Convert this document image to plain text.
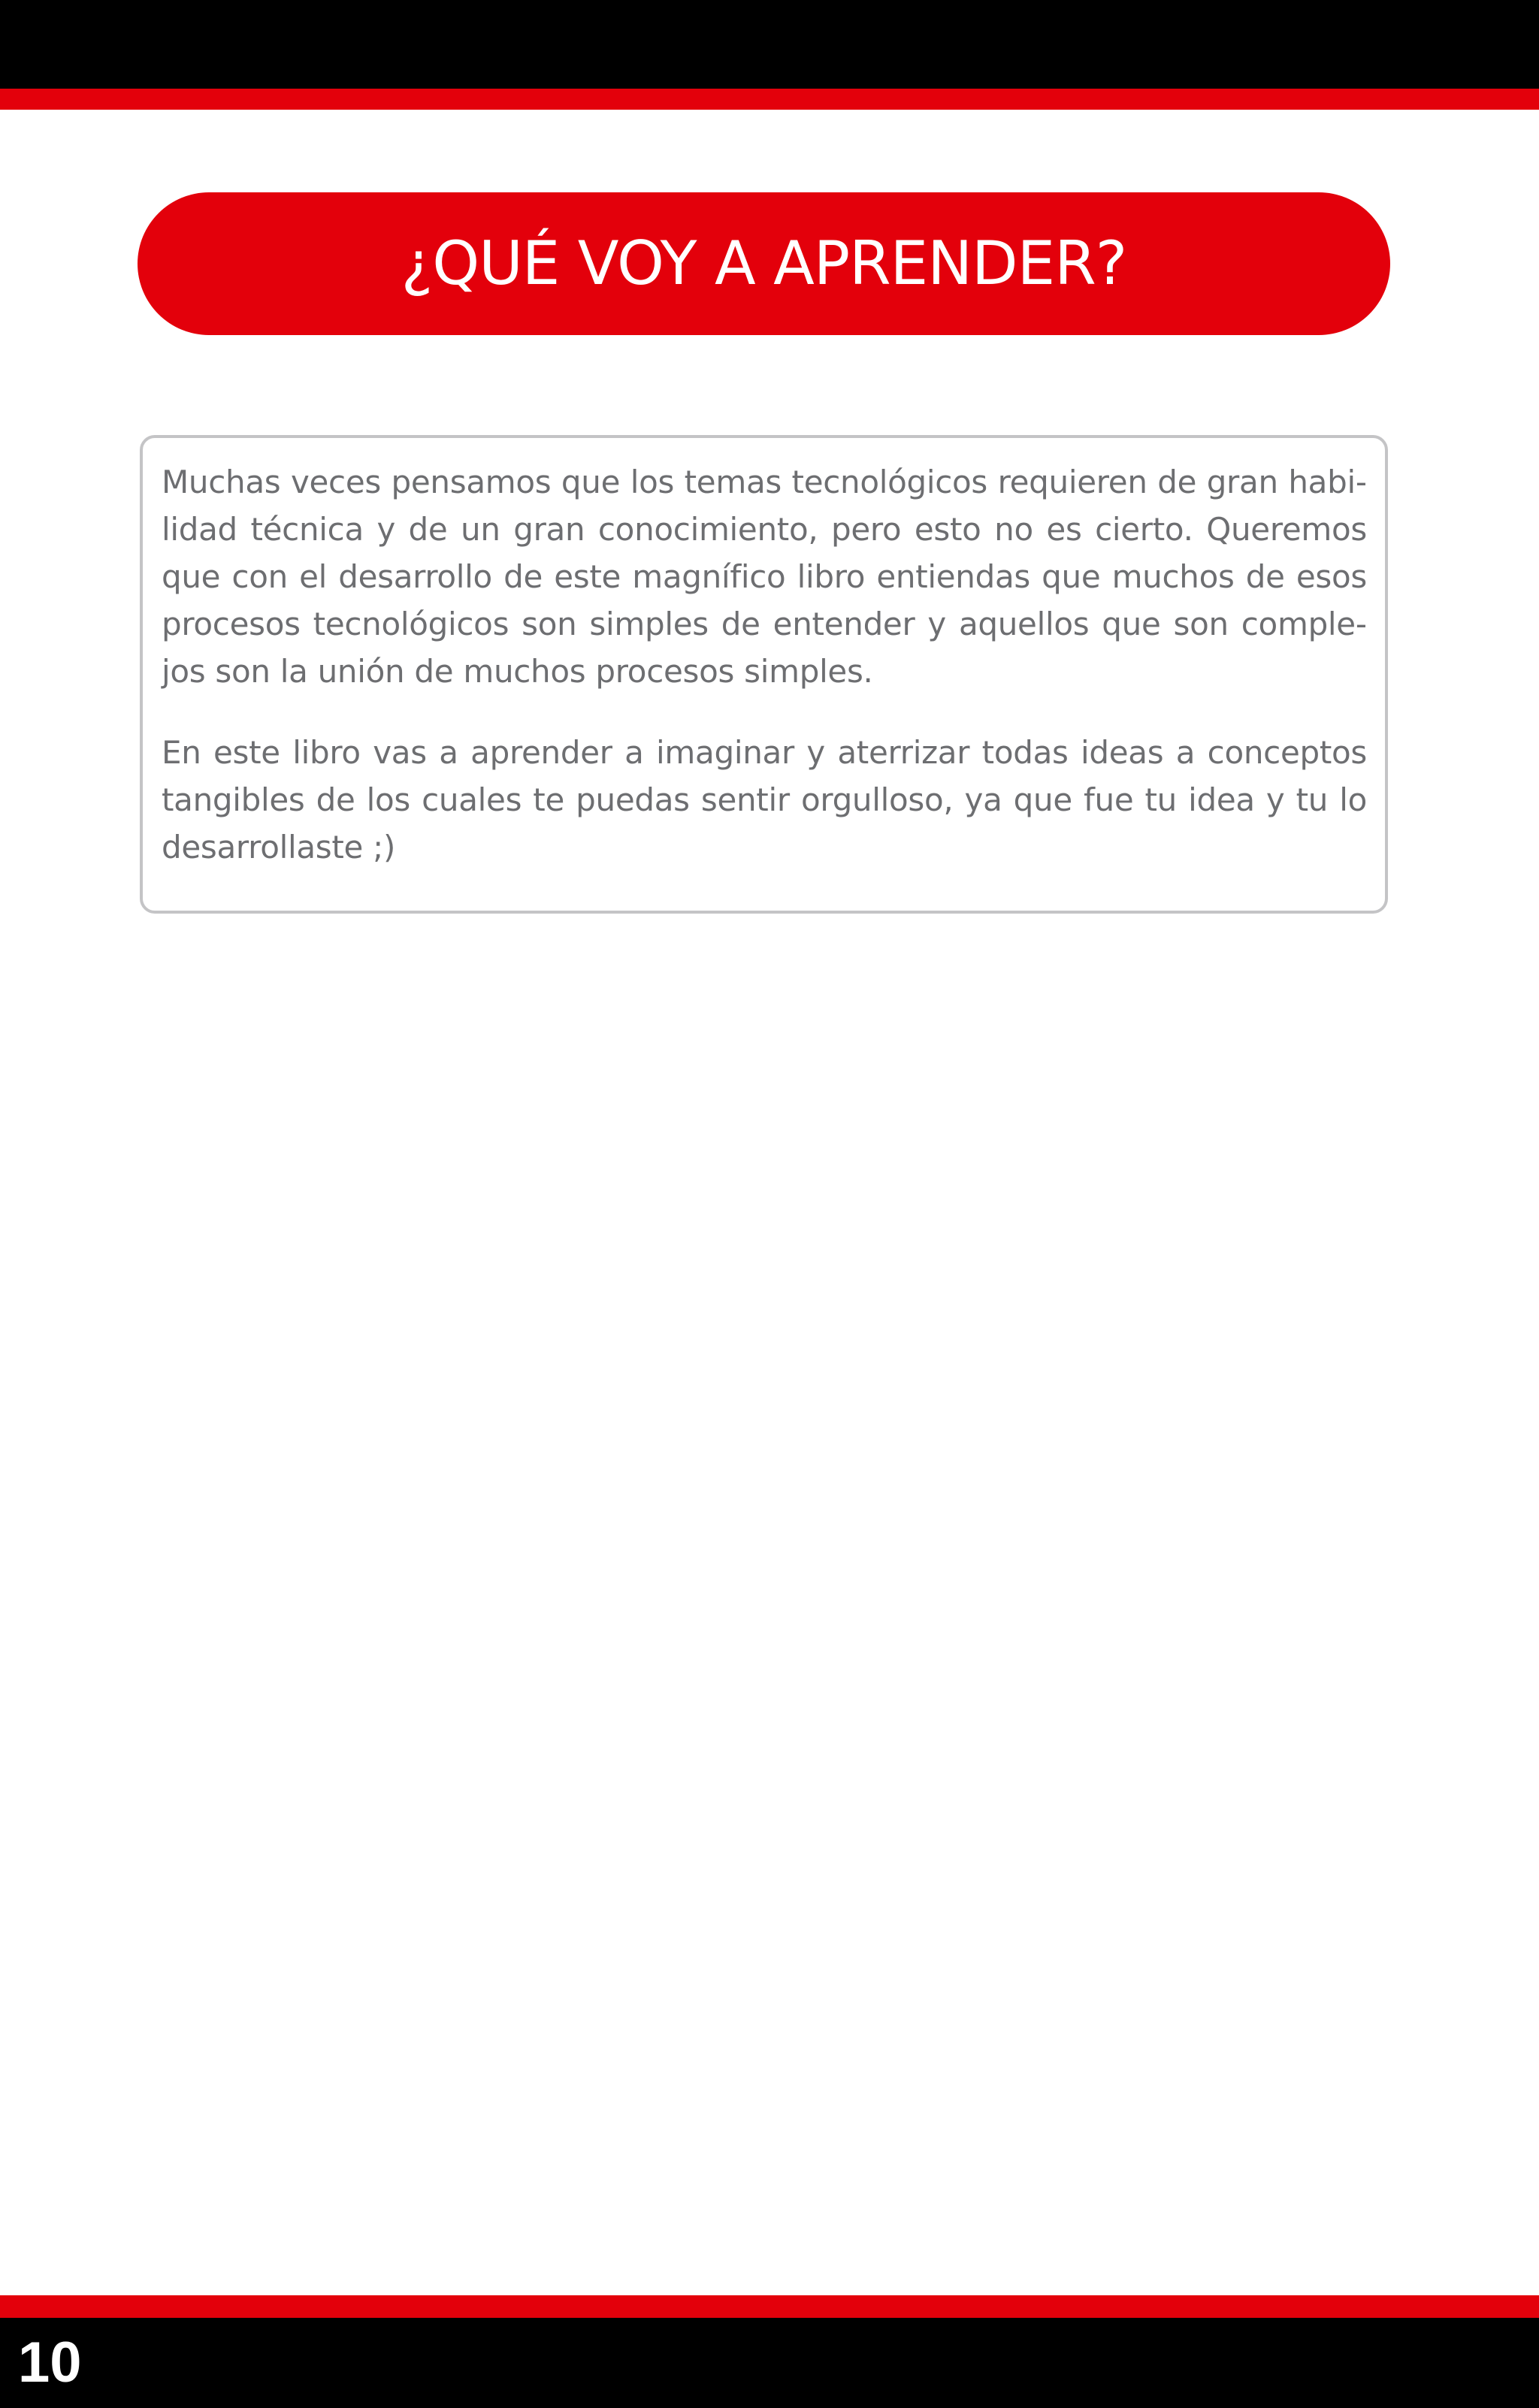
¿QUÉ VOY A APRENDER?

Muchas veces pensamos que los temas tecnológicos requieren de gran habilidad técnica y de un gran conocimiento, pero esto no es cierto. Queremos que con el desarrollo de este magnífico libro entiendas que muchos de esos procesos tecnológicos son simples de entender y aquellos que son complejos son la unión de muchos procesos simples.

En este libro vas a aprender a imaginar y aterrizar todas ideas a conceptos tangibles de los cuales te puedas sentir orgulloso, ya que fue tu idea y tu lo desarrollaste ;)

10
